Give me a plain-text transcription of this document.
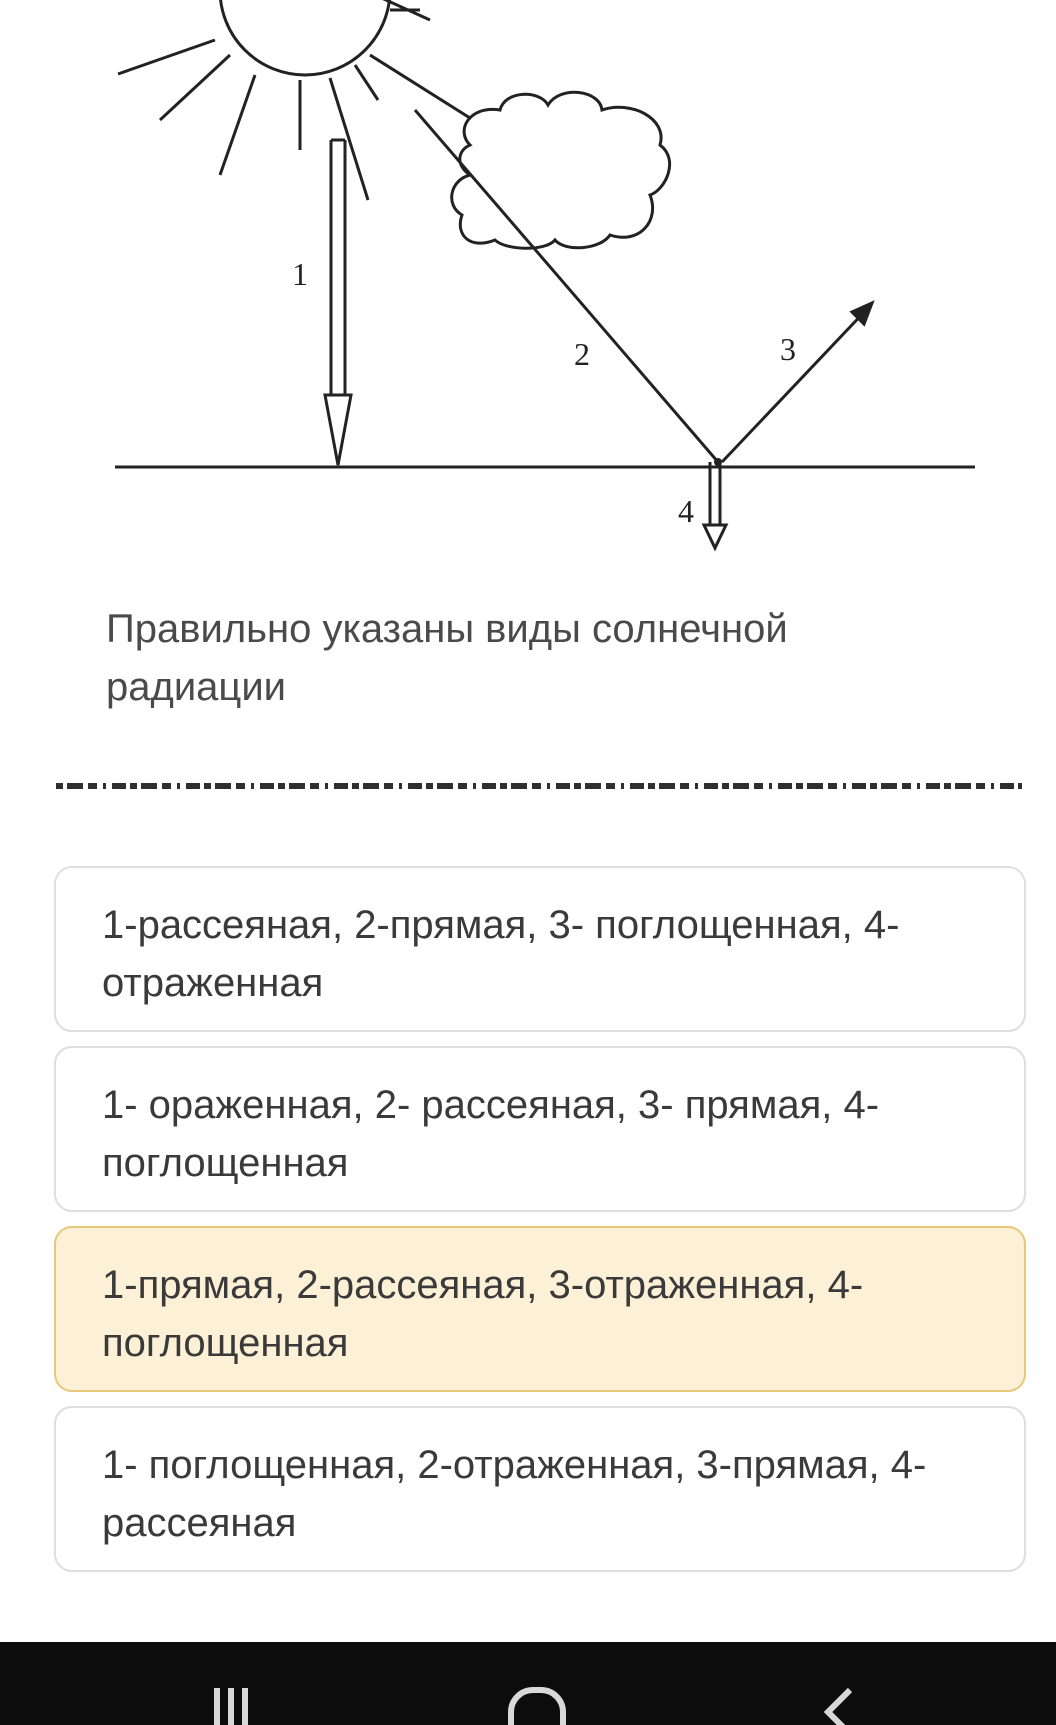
1
2	3
4
Правильно указаны виды солнечной радиации
1-рассеяная, 2-прямая, 3- поглощенная, 4- отраженная
1- ораженная, 2- рассеяная, 3- прямая, 4- поглощенная
1-прямая, 2-рассеяная, 3-отраженная, 4- поглощенная
1- поглощенная, 2-отраженная, 3-прямая, 4- рассеяная
